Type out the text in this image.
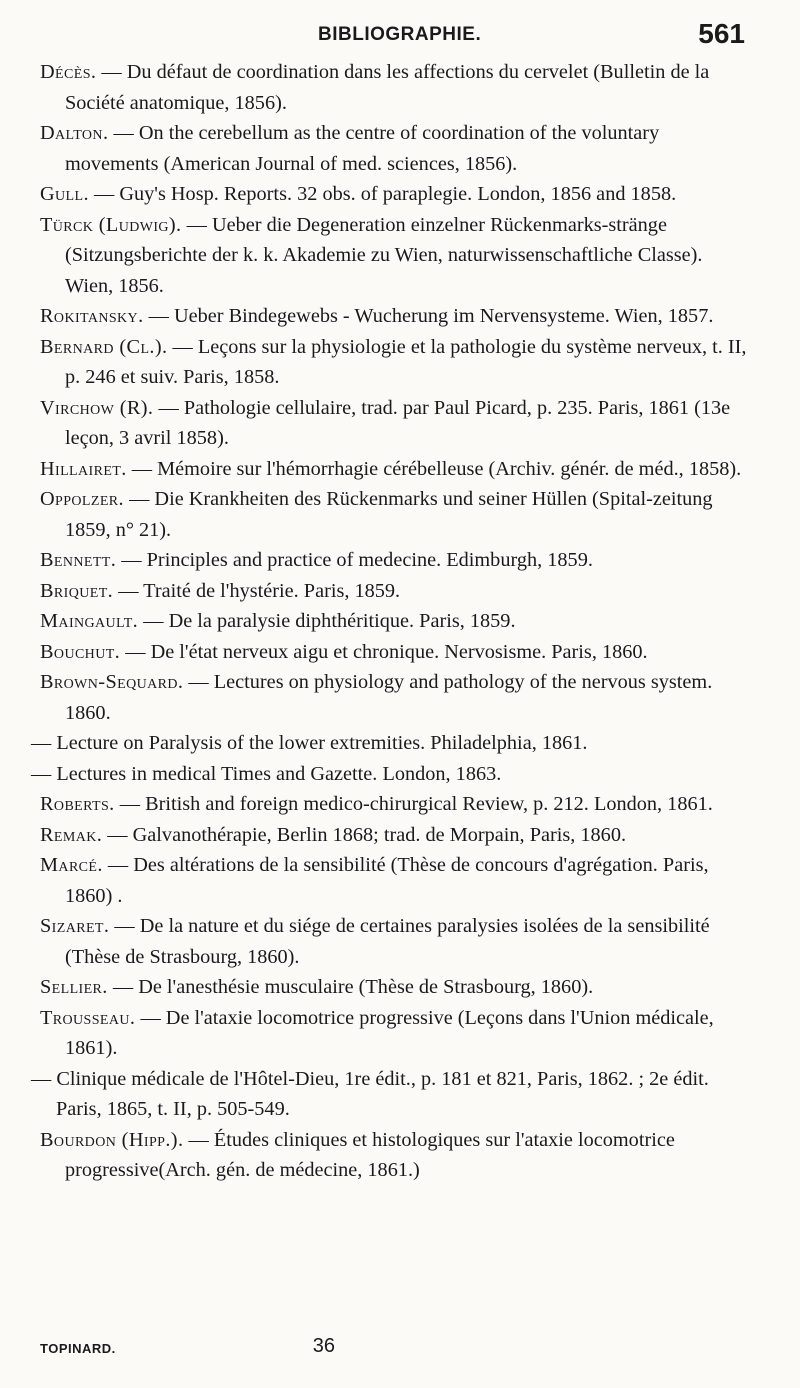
BIBLIOGRAPHIE.	561
Décès. — Du défaut de coordination dans les affections du cervelet (Bulletin de la Société anatomique, 1856).
Dalton. — On the cerebellum as the centre of coordination of the voluntary movements (American Journal of med. sciences, 1856).
Gull. — Guy's Hosp. Reports. 32 obs. of paraplegie. London, 1856 and 1858.
Türck (Ludwig). — Ueber die Degeneration einzelner Rückenmarks-stränge (Sitzungsberichte der k. k. Akademie zu Wien, naturwissenschaftliche Classe). Wien, 1856.
Rokitansky. — Ueber Bindegewebs - Wucherung im Nervensysteme. Wien, 1857.
Bernard (Cl.). — Leçons sur la physiologie et la pathologie du système nerveux, t. II, p. 246 et suiv. Paris, 1858.
Virchow (R). — Pathologie cellulaire, trad. par Paul Picard, p. 235. Paris, 1861 (13e leçon, 3 avril 1858).
Hillairet. — Mémoire sur l'hémorrhagie cérébelleuse (Archiv. génér. de méd., 1858).
Oppolzer. — Die Krankheiten des Rückenmarks und seiner Hüllen (Spital-zeitung 1859, n° 21).
Bennett. — Principles and practice of medecine. Edimburgh, 1859.
Briquet. — Traité de l'hystérie. Paris, 1859.
Maingault. — De la paralysie diphthéritique. Paris, 1859.
Bouchut. — De l'état nerveux aigu et chronique. Nervosisme. Paris, 1860.
Brown-Sequard. — Lectures on physiology and pathology of the nervous system. 1860.
— Lecture on Paralysis of the lower extremities. Philadelphia, 1861.
— Lectures in medical Times and Gazette. London, 1863.
Roberts. — British and foreign medico-chirurgical Review, p. 212. London, 1861.
Remak. — Galvanothérapie, Berlin 1868; trad. de Morpain, Paris, 1860.
Marcé. — Des altérations de la sensibilité (Thèse de concours d'agrégation. Paris, 1860) .
Sizaret. — De la nature et du siége de certaines paralysies isolées de la sensibilité (Thèse de Strasbourg, 1860).
Sellier. — De l'anesthésie musculaire (Thèse de Strasbourg, 1860).
Trousseau. — De l'ataxie locomotrice progressive (Leçons dans l'Union médicale, 1861).
— Clinique médicale de l'Hôtel-Dieu, 1re édit., p. 181 et 821, Paris, 1862. ; 2e édit. Paris, 1865, t. II, p. 505-549.
Bourdon (Hipp.). — Études cliniques et histologiques sur l'ataxie locomotrice progressive(Arch. gén. de médecine, 1861.)
TOPINARD.	36
